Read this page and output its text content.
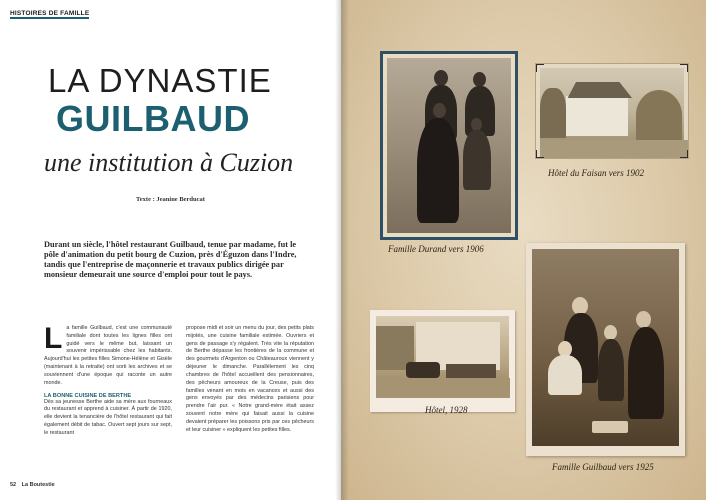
HISTOIRES DE FAMILLE
LA DYNASTIE
GUILBAUD
une institution à Cuzion
Texte : Jeanine Berducat
Durant un siècle, l'hôtel restaurant Guilbaud, tenue par madame, fut le pôle d'animation du petit bourg de Cuzion, près d'Éguzon dans l'Indre, tandis que l'entreprise de maçonnerie et travaux publics dirigée par monsieur demeurait une source d'emploi pour tout le pays.
L a famille Guilbaud, c'est une communauté familiale dont toutes les lignes filles ont guidé vers le même but, laissant un souvenir impérissable chez les habitants. Aujourd'hui les petites filles Simone-Hélène et Gisèle (maintenant à la retraite) ont sorti les archives et se souviennent d'une époque qui raconte un autre monde.
LA BONNE CUISINE DE BERTHE
Dès sa jeunesse Berthe aide sa mère aux fourneaux du restaurant et apprend à cuisiner. À partir de 1920, elle devient la tenancière de l'hôtel restaurant qui fait également débit de tabac. Ouvert sept jours sur sept, le restaurant
propose midi et soir un menu du jour, des petits plats mijotés, une cuisine familiale estimée. Ouvriers et gens de passage s'y régalent. Très vite la réputation de Berthe dépasse les frontières de la commune et des gourmets d'Argenton ou Châteauroux viennent y déjeuner le dimanche. Parallèlement les cinq chambres de l'hôtel accueillent des pensionnaires, des pêcheurs amoureux de la Creuse, puis des familles venant en mois en vacances et aussi des gens envoyés par des médecins parisiens pour prendre l'air pur. « Notre grand-mère était assez souvent notre mère qui faisait aussi la cuisine devaient préparer les poissons pris par ces pêcheurs et leur cuisiner » expliquent les petites filles.
52 La Boutestie
Famille Durand vers 1906
Hôtel du Faisan vers 1902
Hôtel, 1928
Famille Guilbaud vers 1925
